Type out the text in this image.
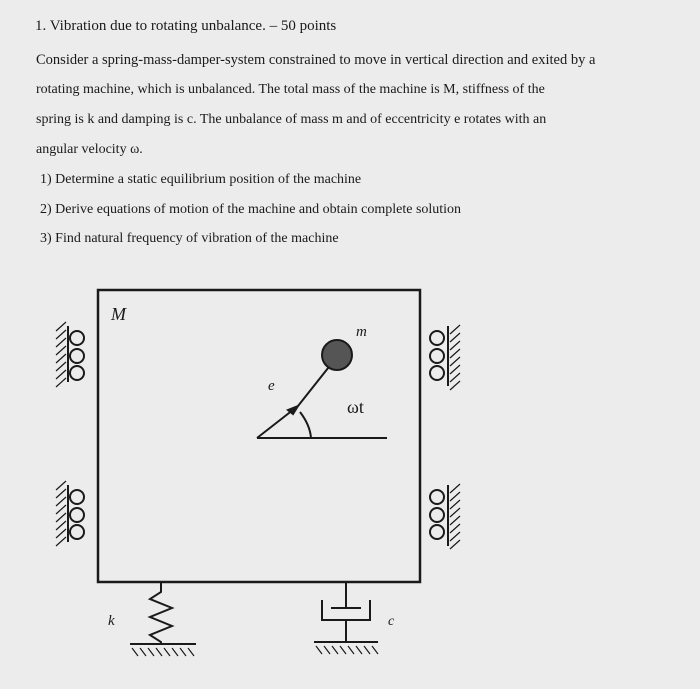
1. Vibration due to rotating unbalance. – 50 points
Consider a spring-mass-damper-system constrained to move in vertical direction and exited by a
rotating machine, which is unbalanced. The total mass of the machine is M, stiffness of the
spring is k and damping is c. The unbalance of mass m and of eccentricity e rotates with an
angular velocity ω.
1) Determine a static equilibrium position of the machine
2) Derive equations of motion of the machine and obtain complete solution
3) Find natural frequency of vibration of the machine
M
m
e
ωt
k	c
